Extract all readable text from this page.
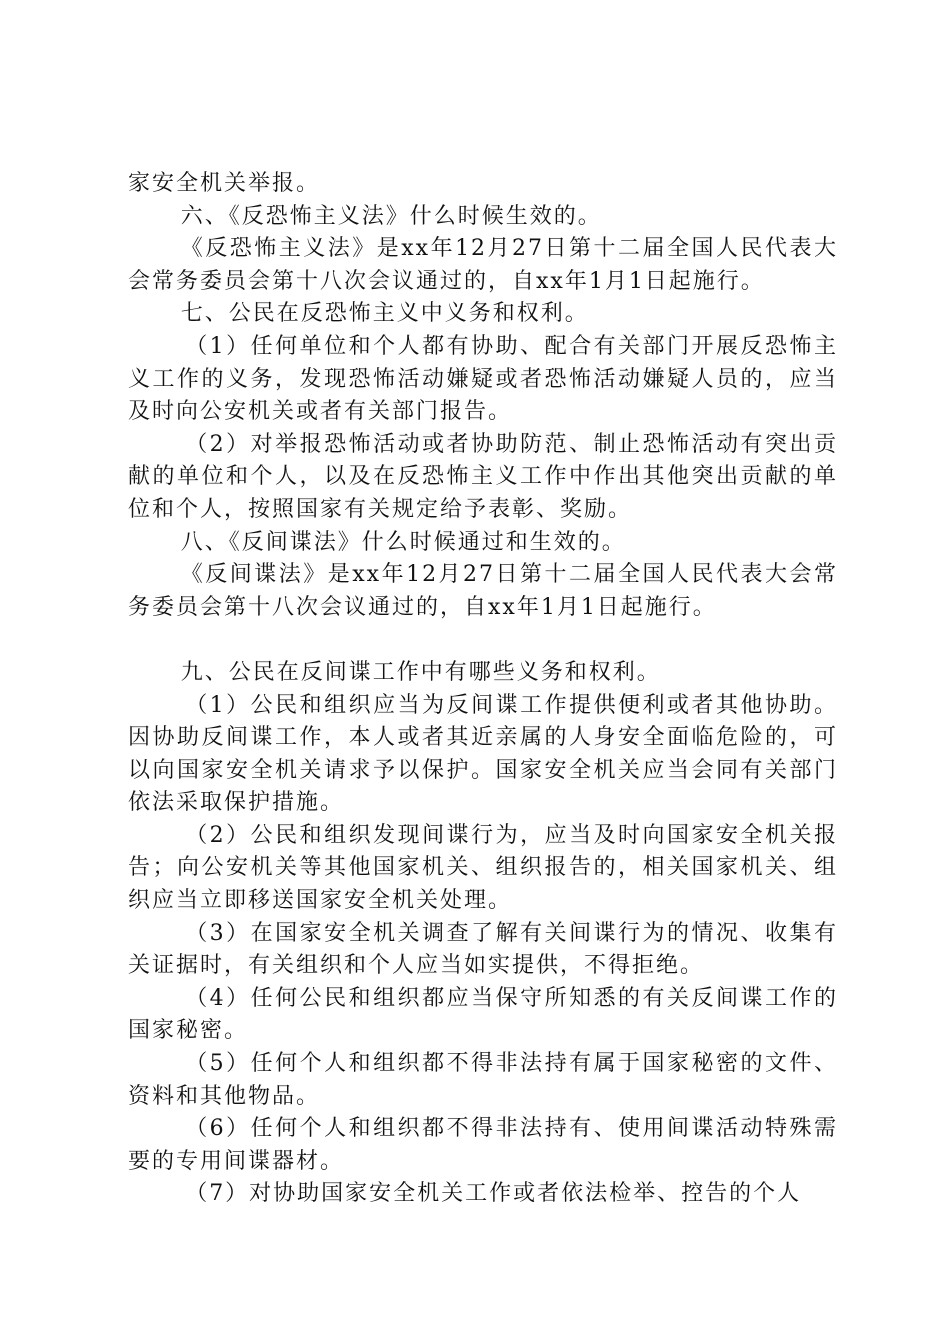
家安全机关举报。

六、《反恐怖主义法》什么时候生效的。

《反恐怖主义法》是xx年12月27日第十二届全国人民代表大会常务委员会第十八次会议通过的，自xx年1月1日起施行。

七、公民在反恐怖主义中义务和权利。

（1）任何单位和个人都有协助、配合有关部门开展反恐怖主义工作的义务，发现恐怖活动嫌疑或者恐怖活动嫌疑人员的，应当及时向公安机关或者有关部门报告。

（2）对举报恐怖活动或者协助防范、制止恐怖活动有突出贡献的单位和个人，以及在反恐怖主义工作中作出其他突出贡献的单位和个人，按照国家有关规定给予表彰、奖励。

八、《反间谍法》什么时候通过和生效的。

《反间谍法》是xx年12月27日第十二届全国人民代表大会常务委员会第十八次会议通过的，自xx年1月1日起施行。

九、公民在反间谍工作中有哪些义务和权利。

（1）公民和组织应当为反间谍工作提供便利或者其他协助。因协助反间谍工作，本人或者其近亲属的人身安全面临危险的，可以向国家安全机关请求予以保护。国家安全机关应当会同有关部门依法采取保护措施。

（2）公民和组织发现间谍行为，应当及时向国家安全机关报告；向公安机关等其他国家机关、组织报告的，相关国家机关、组织应当立即移送国家安全机关处理。

（3）在国家安全机关调查了解有关间谍行为的情况、收集有关证据时，有关组织和个人应当如实提供，不得拒绝。

（4）任何公民和组织都应当保守所知悉的有关反间谍工作的国家秘密。

（5）任何个人和组织都不得非法持有属于国家秘密的文件、资料和其他物品。

（6）任何个人和组织都不得非法持有、使用间谍活动特殊需要的专用间谍器材。

（7）对协助国家安全机关工作或者依法检举、控告的个人
